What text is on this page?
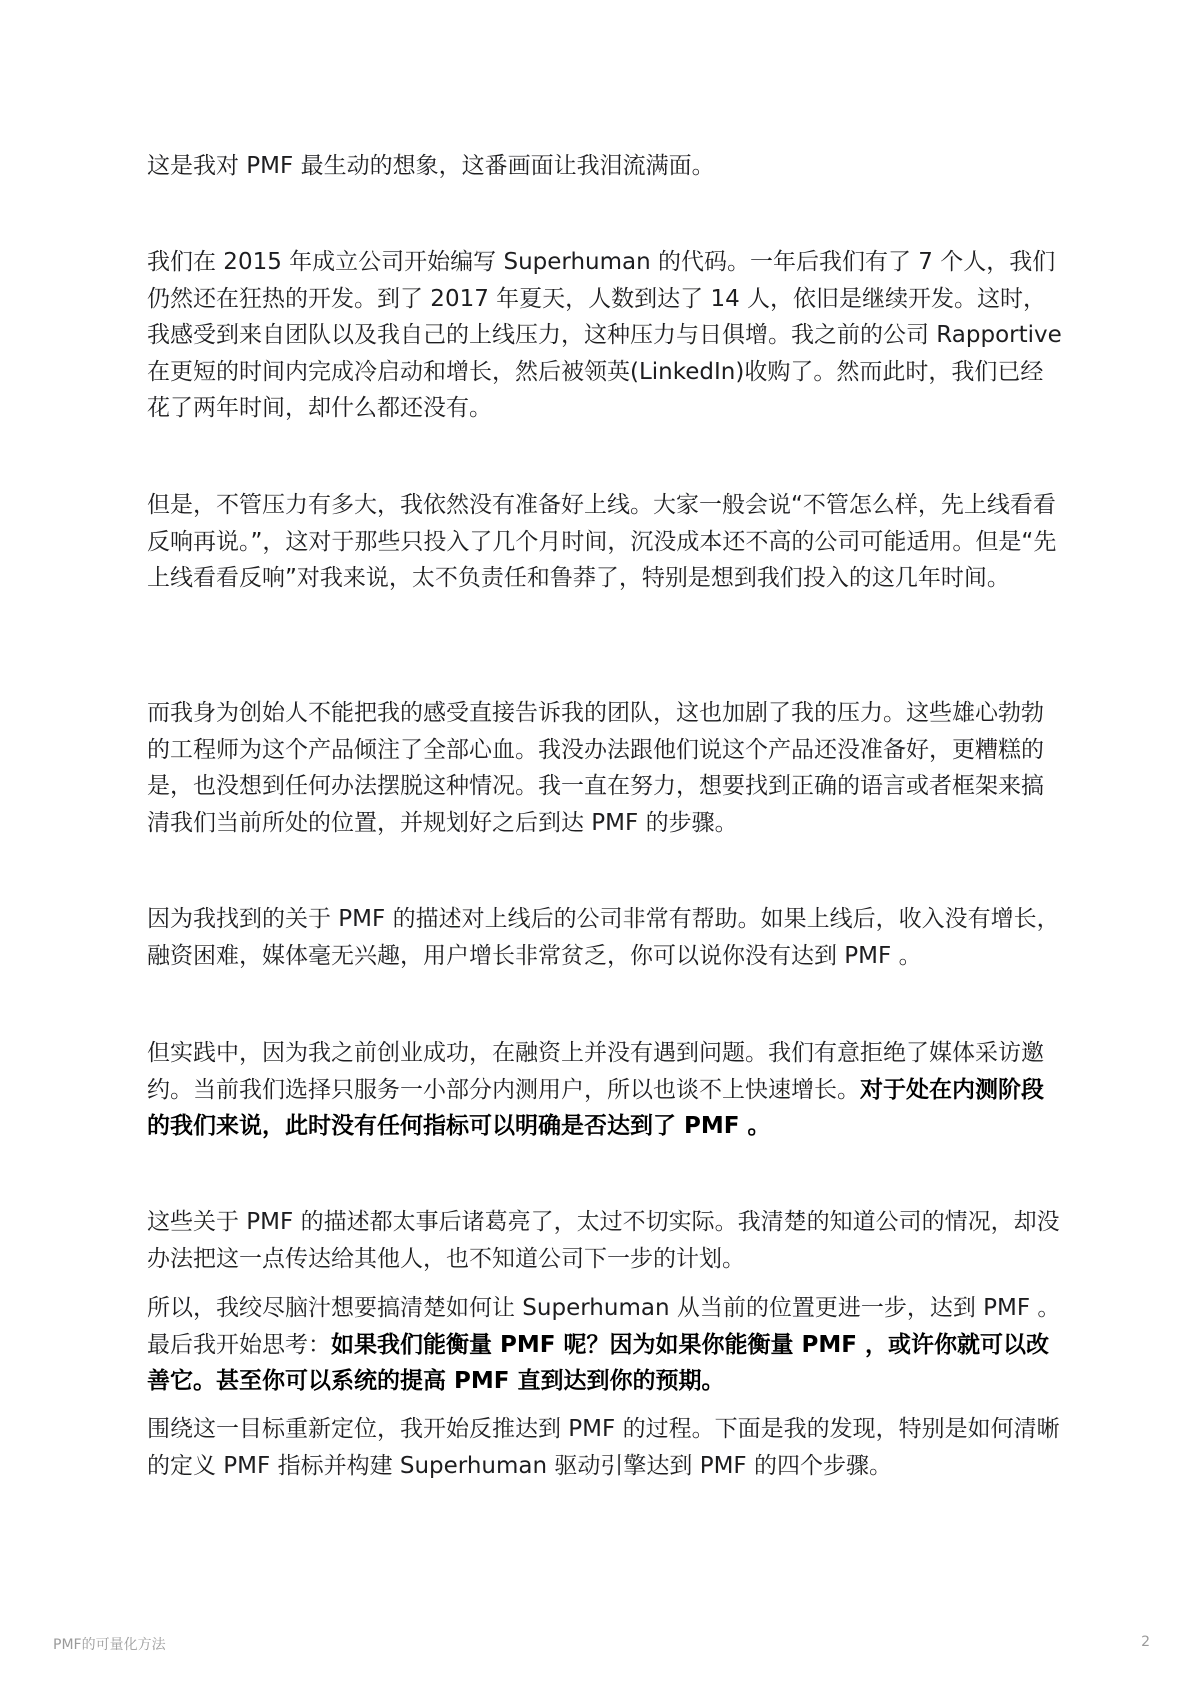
这是我对 PMF 最生动的想象，这番画面让我泪流满面。

我们在 2015 年成立公司开始编写 Superhuman 的代码。一年后我们有了 7 个人，我们仍然还在狂热的开发。到了 2017 年夏天，人数到达了 14 人，依旧是继续开发。这时，我感受到来自团队以及我自己的上线压力，这种压力与日俱增。我之前的公司 Rapportive 在更短的时间内完成冷启动和增长，然后被领英(LinkedIn)收购了。然而此时，我们已经花了两年时间，却什么都还没有。

但是，不管压力有多大，我依然没有准备好上线。大家一般会说“不管怎么样，先上线看看反响再说。”，这对于那些只投入了几个月时间，沉没成本还不高的公司可能适用。但是“先上线看看反响”对我来说，太不负责任和鲁莽了，特别是想到我们投入的这几年时间。

而我身为创始人不能把我的感受直接告诉我的团队，这也加剧了我的压力。这些雄心勃勃的工程师为这个产品倾注了全部心血。我没办法跟他们说这个产品还没准备好，更糟糕的是，也没想到任何办法摆脱这种情况。我一直在努力，想要找到正确的语言或者框架来搞清我们当前所处的位置，并规划好之后到达 PMF 的步骤。

因为我找到的关于 PMF 的描述对上线后的公司非常有帮助。如果上线后，收入没有增长，融资困难，媒体毫无兴趣，用户增长非常贫乏，你可以说你没有达到 PMF 。

但实践中，因为我之前创业成功，在融资上并没有遇到问题。我们有意拒绝了媒体采访邀约。当前我们选择只服务一小部分内测用户，所以也谈不上快速增长。对于处在内测阶段的我们来说，此时没有任何指标可以明确是否达到了 PMF 。

这些关于 PMF 的描述都太事后诸葛亮了，太过不切实际。我清楚的知道公司的情况，却没办法把这一点传达给其他人，也不知道公司下一步的计划。

所以，我绞尽脑汁想要搞清楚如何让 Superhuman 从当前的位置更进一步，达到 PMF 。最后我开始思考：如果我们能衡量 PMF 呢？因为如果你能衡量 PMF ，或许你就可以改善它。甚至你可以系统的提高 PMF 直到达到你的预期。

围绕这一目标重新定位，我开始反推达到 PMF 的过程。下面是我的发现，特别是如何清晰的定义 PMF 指标并构建 Superhuman 驱动引擎达到 PMF 的四个步骤。

PMF的可量化方法	2
